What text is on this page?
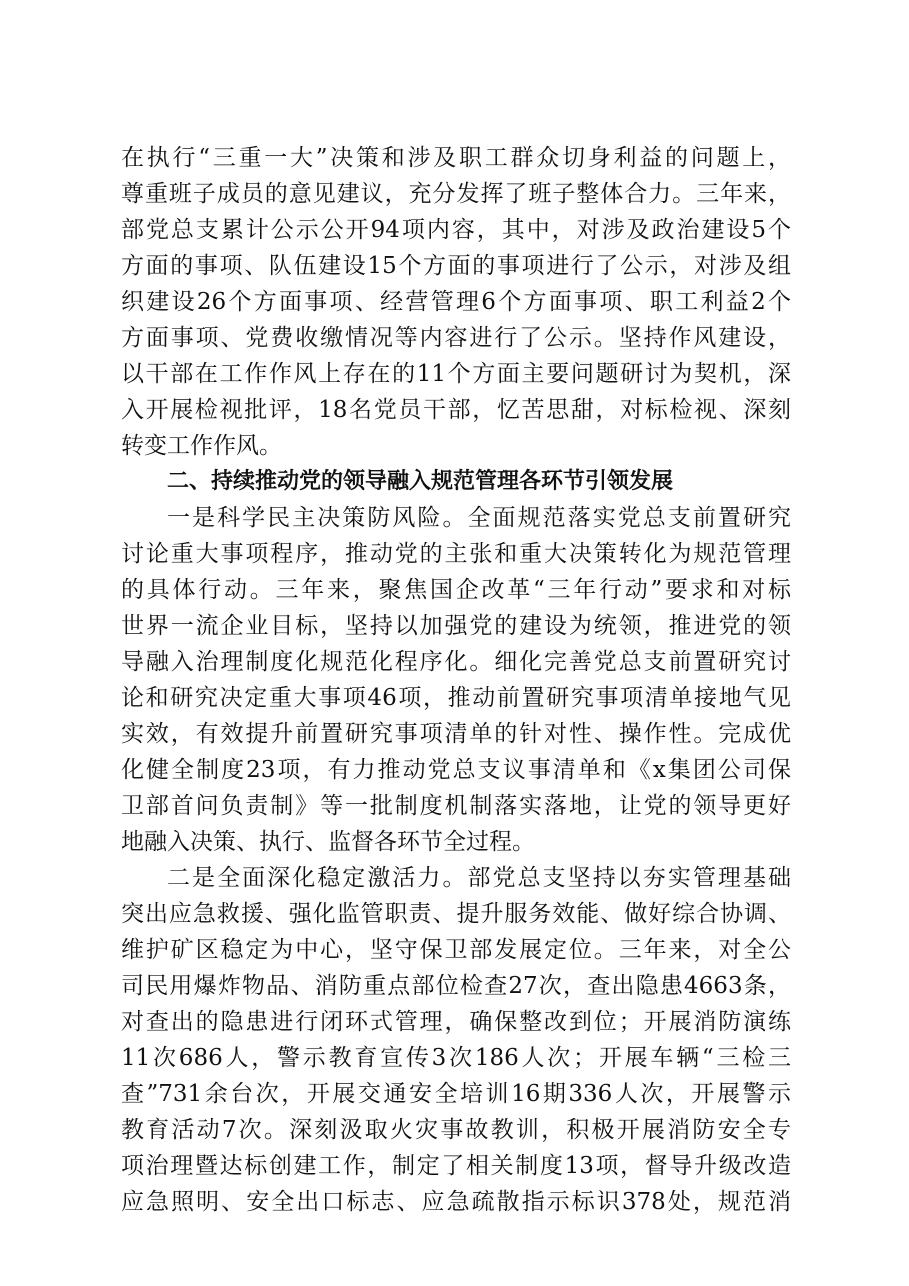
在执行“三重一大”决策和涉及职工群众切身利益的问题上，
尊重班子成员的意见建议，充分发挥了班子整体合力。三年来，
部党总支累计公示公开94项内容，其中，对涉及政治建设5个
方面的事项、队伍建设15个方面的事项进行了公示，对涉及组
织建设26个方面事项、经营管理6个方面事项、职工利益2个
方面事项、党费收缴情况等内容进行了公示。坚持作风建设，
以干部在工作作风上存在的11个方面主要问题研讨为契机，深
入开展检视批评，18名党员干部，忆苦思甜，对标检视、深刻
转变工作作风。
二、持续推动党的领导融入规范管理各环节引领发展
一是科学民主决策防风险。全面规范落实党总支前置研究
讨论重大事项程序，推动党的主张和重大决策转化为规范管理
的具体行动。三年来，聚焦国企改革“三年行动”要求和对标
世界一流企业目标，坚持以加强党的建设为统领，推进党的领
导融入治理制度化规范化程序化。细化完善党总支前置研究讨
论和研究决定重大事项46项，推动前置研究事项清单接地气见
实效，有效提升前置研究事项清单的针对性、操作性。完成优
化健全制度23项，有力推动党总支议事清单和《x集团公司保
卫部首问负责制》等一批制度机制落实落地，让党的领导更好
地融入决策、执行、监督各环节全过程。
二是全面深化稳定激活力。部党总支坚持以夯实管理基础
突出应急救援、强化监管职责、提升服务效能、做好综合协调、
维护矿区稳定为中心，坚守保卫部发展定位。三年来，对全公
司民用爆炸物品、消防重点部位检查27次，查出隐患4663条，
对查出的隐患进行闭环式管理，确保整改到位；开展消防演练
11次686人，警示教育宣传3次186人次；开展车辆“三检三
查”731余台次，开展交通安全培训16期336人次，开展警示
教育活动7次。深刻汲取火灾事故教训，积极开展消防安全专
项治理暨达标创建工作，制定了相关制度13项，督导升级改造
应急照明、安全出口标志、应急疏散指示标识378处，规范消
